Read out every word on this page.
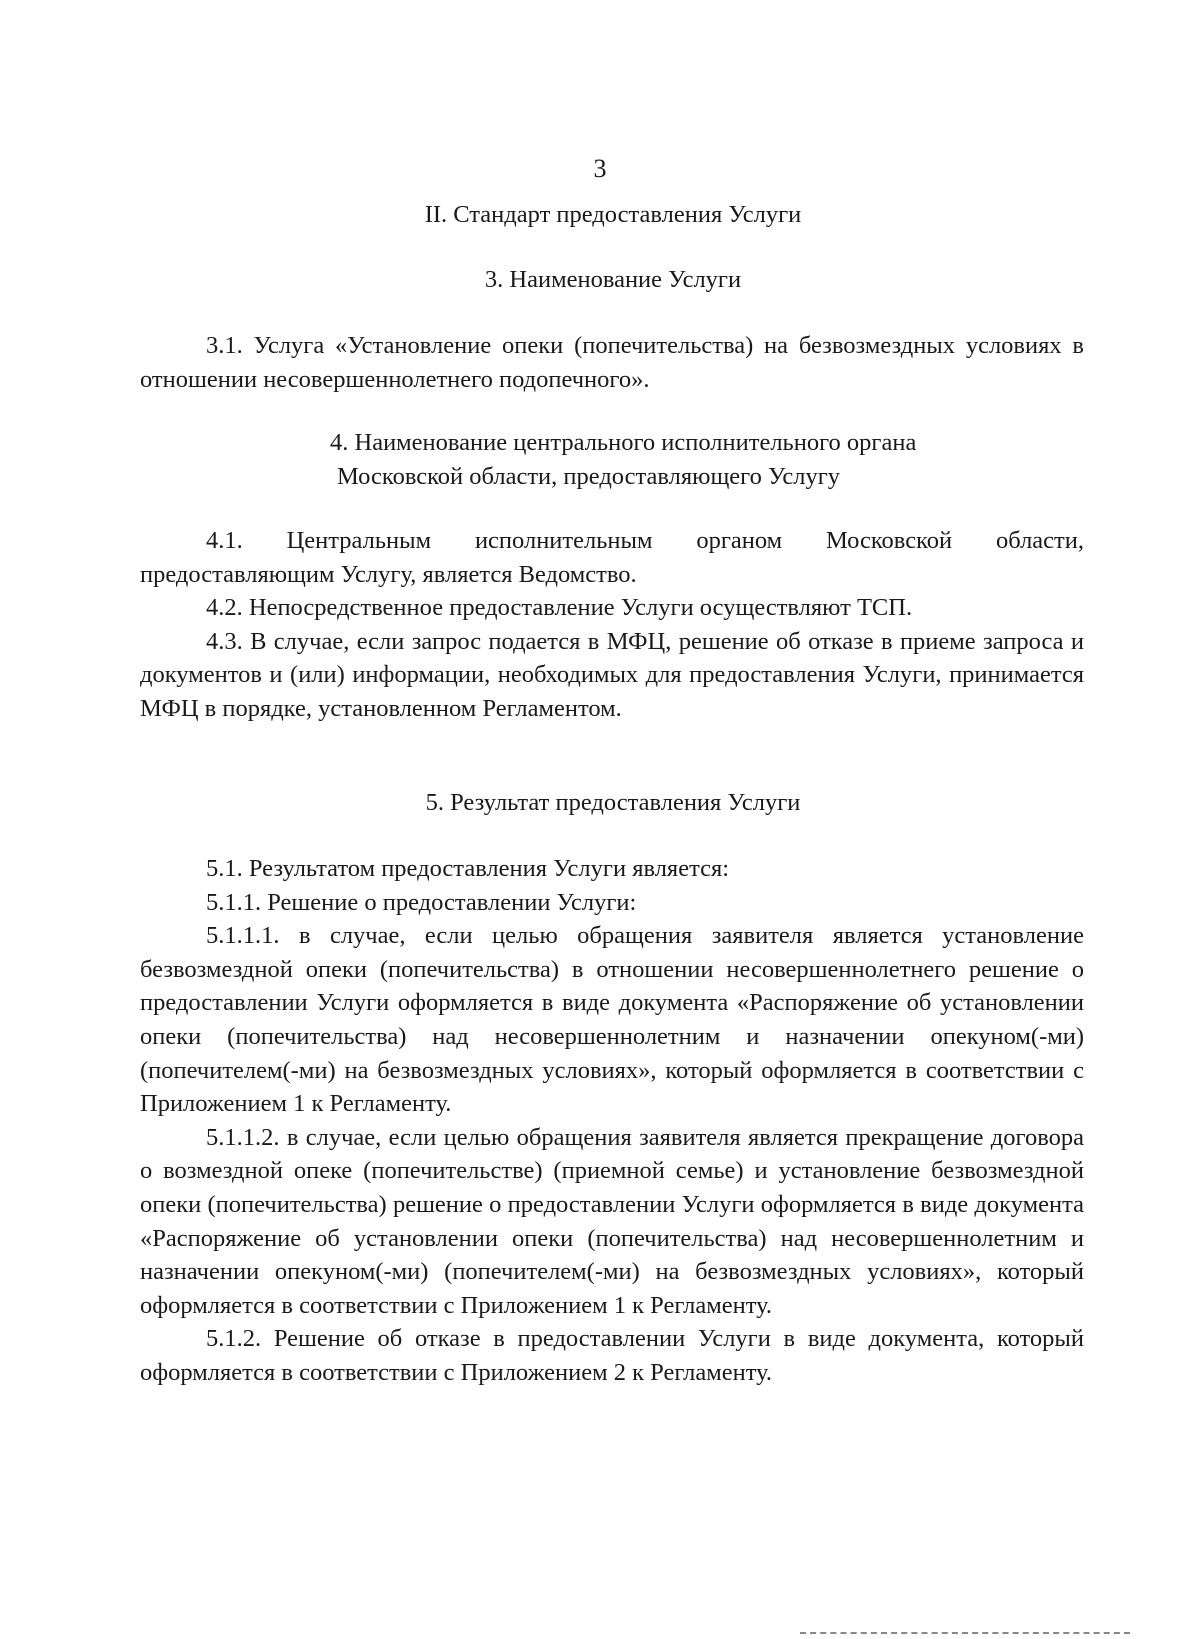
3
II. Стандарт предоставления Услуги
3. Наименование Услуги

3.1. Услуга «Установление опеки (попечительства) на безвозмездных условиях в отношении несовершеннолетнего подопечного».

4. Наименование центрального исполнительного органа
Московской области, предоставляющего Услугу

4.1. Центральным исполнительным органом Московской области, предоставляющим Услугу, является Ведомство.

4.2. Непосредственное предоставление Услуги осуществляют ТСП.

4.3. В случае, если запрос подается в МФЦ, решение об отказе в приеме запроса и документов и (или) информации, необходимых для предоставления Услуги, принимается МФЦ в порядке, установленном Регламентом.

5. Результат предоставления Услуги

5.1. Результатом предоставления Услуги является:

5.1.1. Решение о предоставлении Услуги:

5.1.1.1. в случае, если целью обращения заявителя является установление безвозмездной опеки (попечительства) в отношении несовершеннолетнего решение о предоставлении Услуги оформляется в виде документа «Распоряжение об установлении опеки (попечительства) над несовершеннолетним и назначении опекуном(-ми) (попечителем(-ми) на безвозмездных условиях», который оформляется в соответствии с Приложением 1 к Регламенту.

5.1.1.2. в случае, если целью обращения заявителя является прекращение договора о возмездной опеке (попечительстве) (приемной семье) и установление безвозмездной опеки (попечительства) решение о предоставлении Услуги оформляется в виде документа «Распоряжение об установлении опеки (попечительства) над несовершеннолетним и назначении опекуном(-ми) (попечителем(-ми) на безвозмездных условиях», который оформляется в соответствии с Приложением 1 к Регламенту.

5.1.2. Решение об отказе в предоставлении Услуги в виде документа, который оформляется в соответствии с Приложением 2 к Регламенту.
